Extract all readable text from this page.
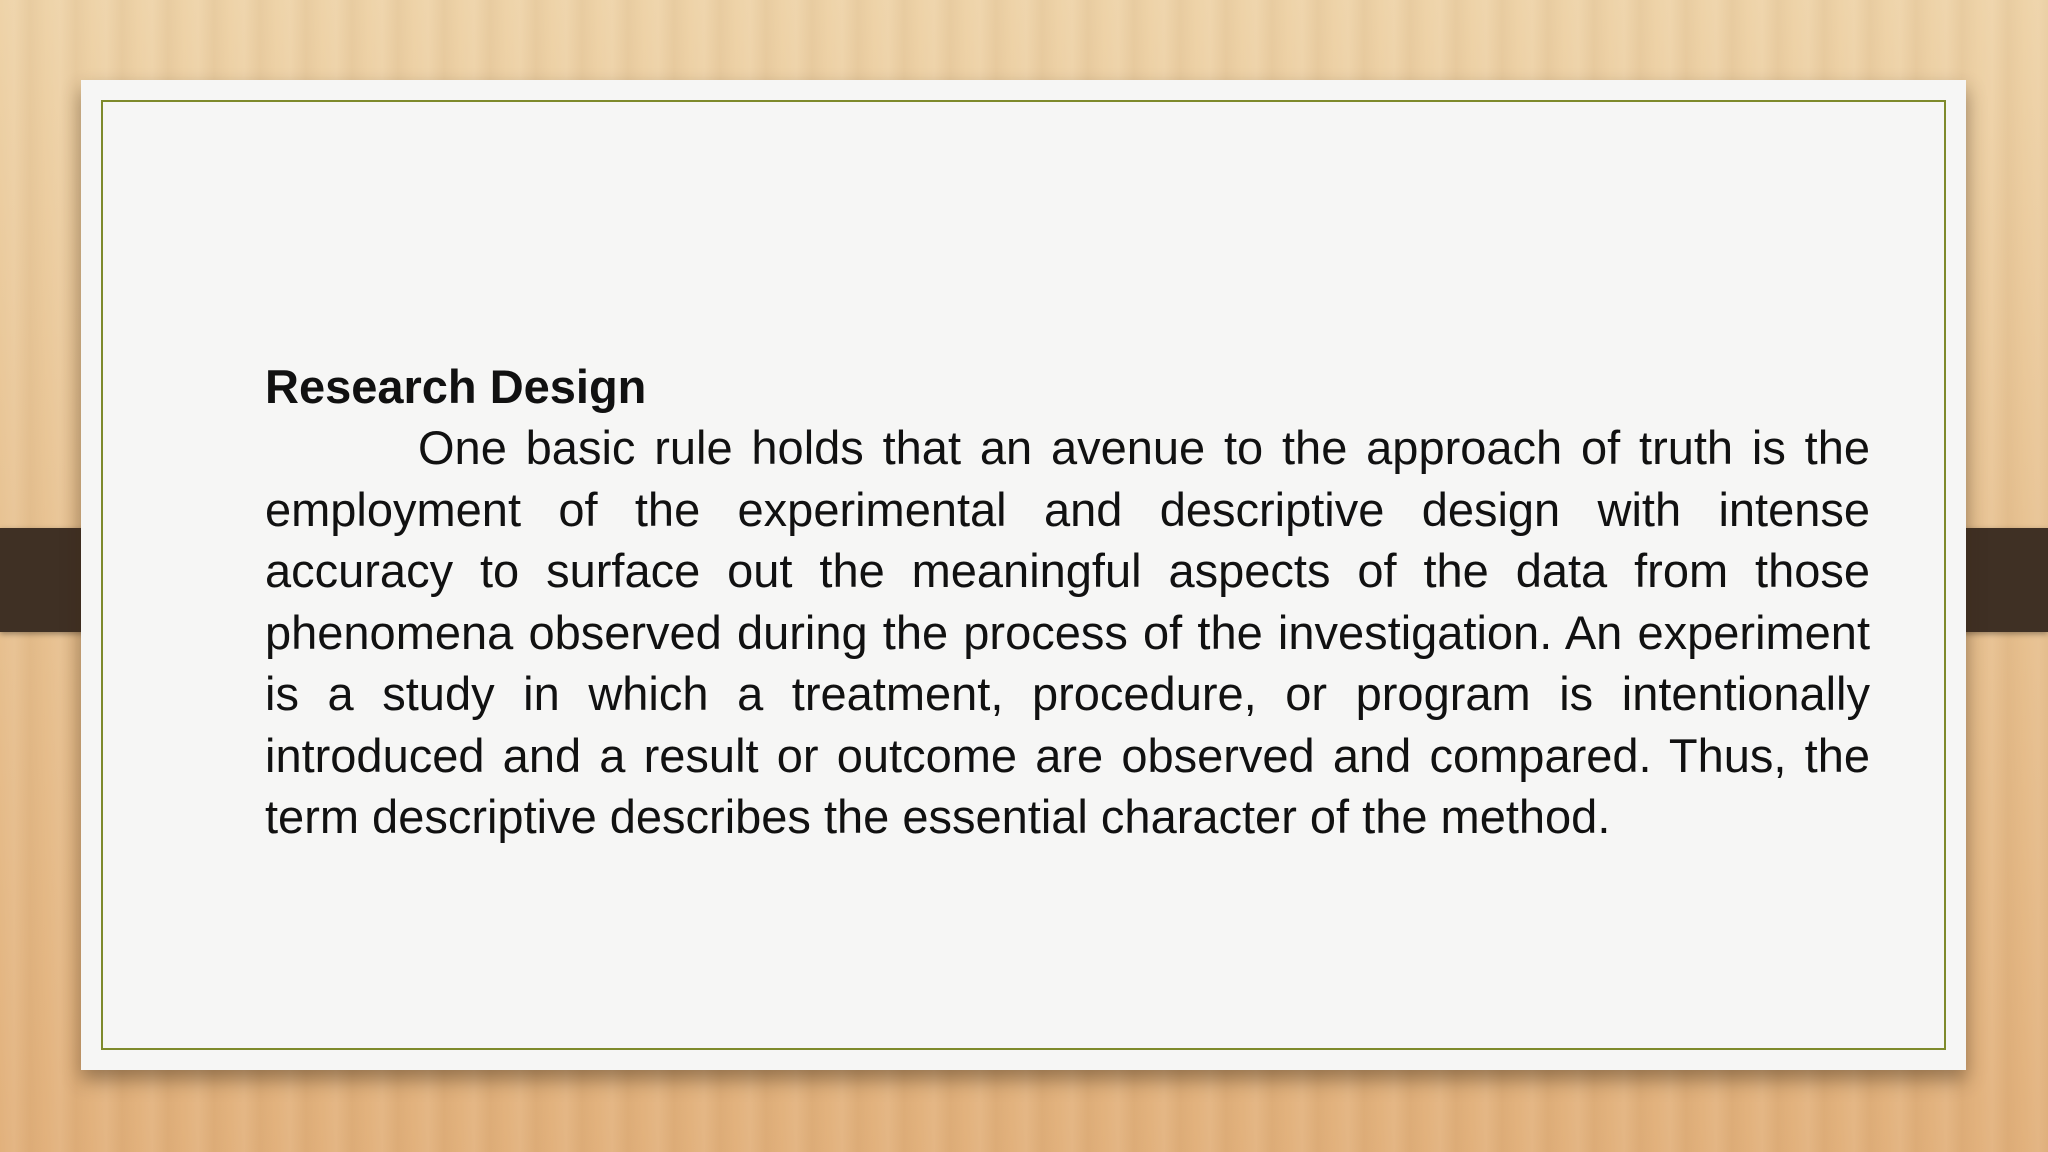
Research Design

One basic rule holds that an avenue to the approach of truth is the employment of the experimental and descriptive design with intense accuracy to surface out the meaningful aspects of the data from those phenomena observed during the process of the investigation. An experiment is a study in which a treatment, procedure, or program is intentionally introduced and a result or outcome are observed and compared. Thus, the term descriptive describes the essential character of the method.
